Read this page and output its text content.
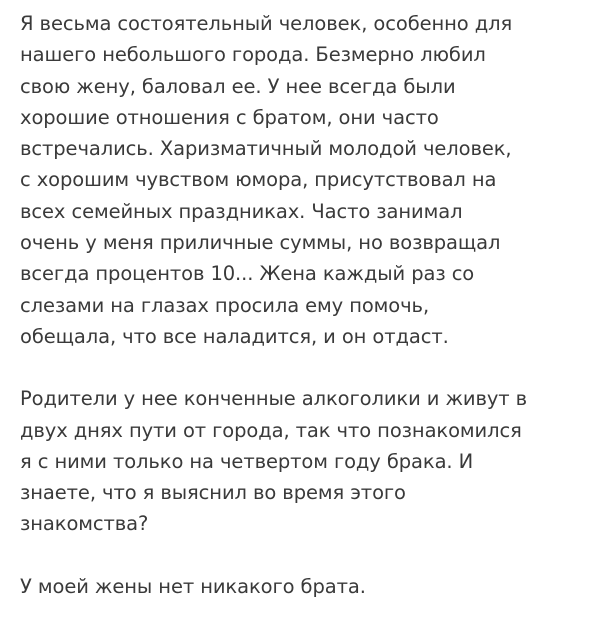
Я весьма состоятельный человек, особенно для
нашего небольшого города. Безмерно любил
свою жену, баловал ее. У нее всегда были
хорошие отношения с братом, они часто
встречались. Харизматичный молодой человек,
с хорошим чувством юмора, присутствовал на
всех семейных праздниках. Часто занимал
очень у меня приличные суммы, но возвращал
всегда процентов 10... Жена каждый раз со
слезами на глазах просила ему помочь,
обещала, что все наладится, и он отдаст.
Родители у нее конченные алкоголики и живут в
двух днях пути от города, так что познакомился
я с ними только на четвертом году брака. И
знаете, что я выяснил во время этого
знакомства?
У моей жены нет никакого брата.
